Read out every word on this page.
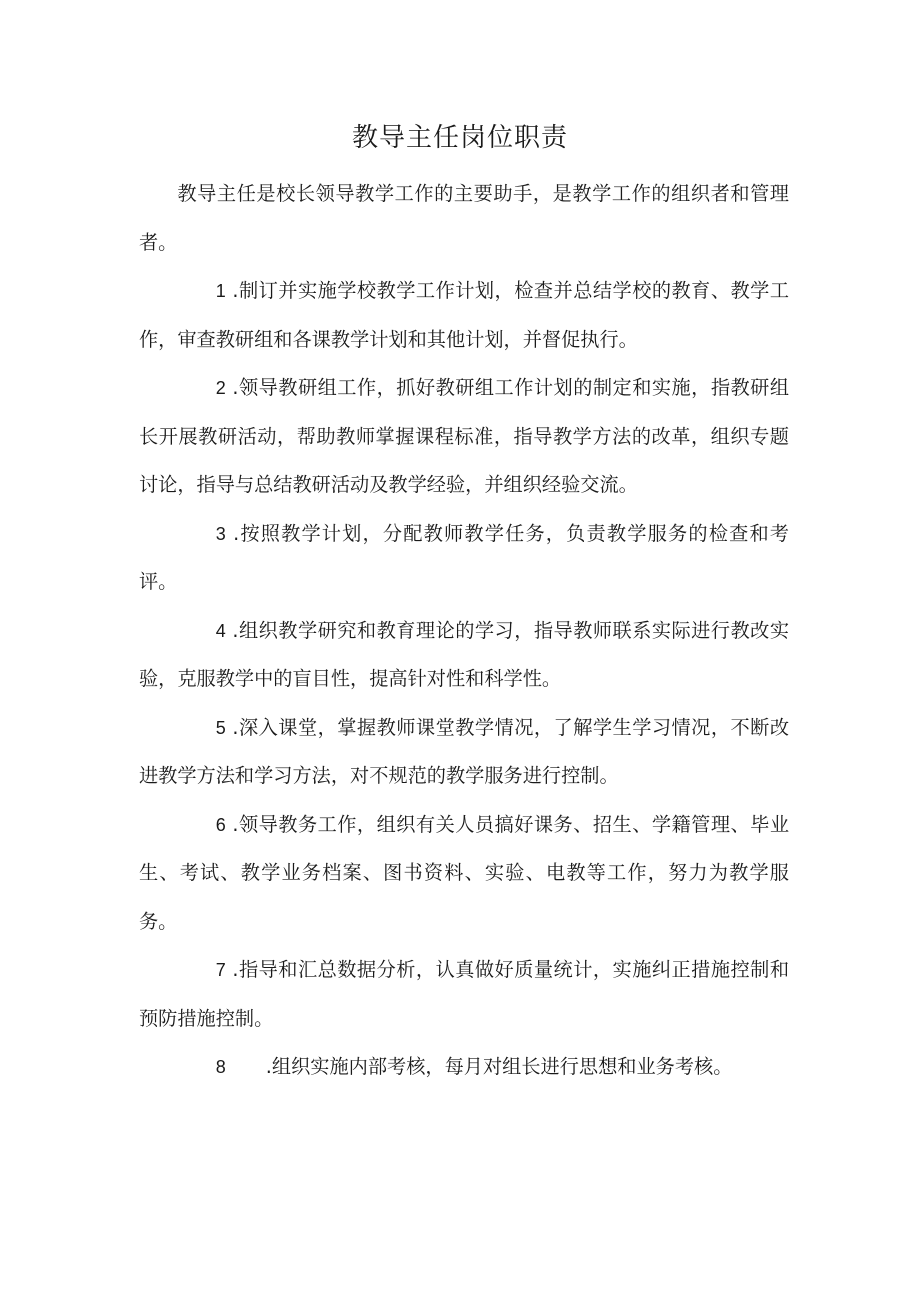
教导主任岗位职责

教导主任是校长领导教学工作的主要助手，是教学工作的组织者和管理者。

1 .制订并实施学校教学工作计划，检查并总结学校的教育、教学工作，审查教研组和各课教学计划和其他计划，并督促执行。

2 .领导教研组工作，抓好教研组工作计划的制定和实施，指教研组长开展教研活动，帮助教师掌握课程标准，指导教学方法的改革，组织专题讨论，指导与总结教研活动及教学经验，并组织经验交流。

3 .按照教学计划，分配教师教学任务，负责教学服务的检查和考评。

4 .组织教学研究和教育理论的学习，指导教师联系实际进行教改实验，克服教学中的盲目性，提高针对性和科学性。

5 .深入课堂，掌握教师课堂教学情况，了解学生学习情况，不断改进教学方法和学习方法，对不规范的教学服务进行控制。

6 .领导教务工作，组织有关人员搞好课务、招生、学籍管理、毕业生、考试、教学业务档案、图书资料、实验、电教等工作，努力为教学服务。

7 .指导和汇总数据分析，认真做好质量统计，实施纠正措施控制和预防措施控制。

8 .组织实施内部考核，每月对组长进行思想和业务考核。
